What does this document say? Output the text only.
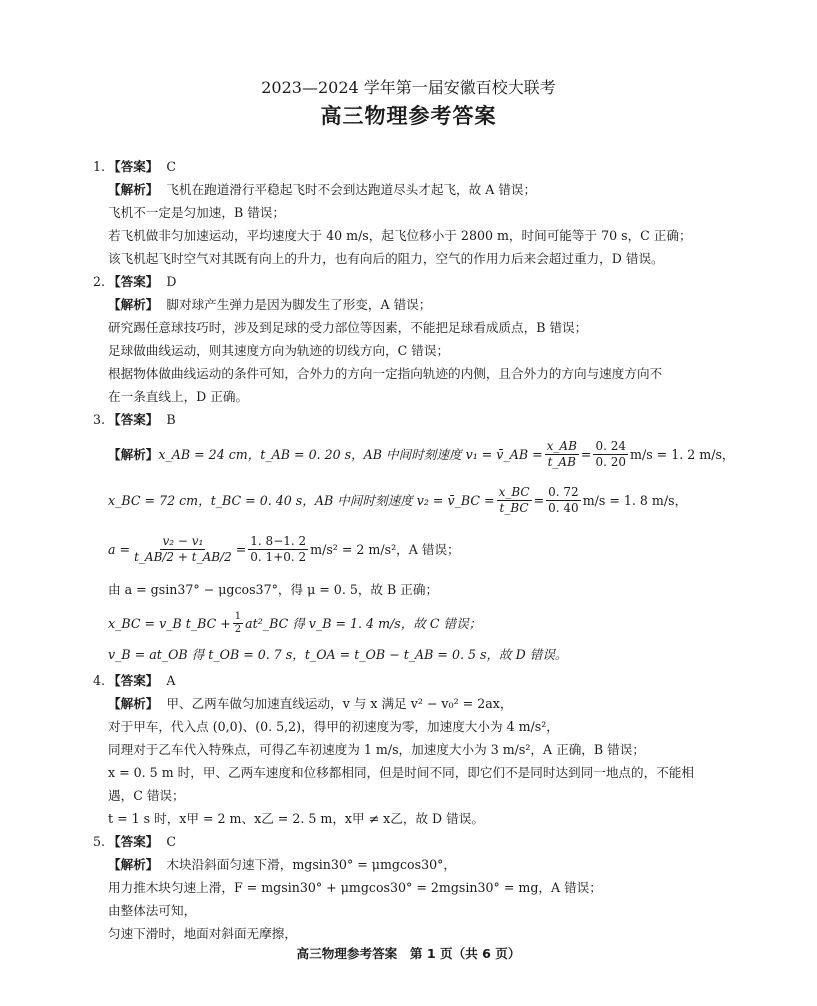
2023—2024 学年第一届安徽百校大联考
高三物理参考答案
1. 【答案】 C
【解析】 飞机在跑道滑行平稳起飞时不会到达跑道尽头才起飞，故 A 错误；
飞机不一定是匀加速，B 错误；
若飞机做非匀加速运动，平均速度大于 40 m/s，起飞位移小于 2800 m，时间可能等于 70 s，C 正确；
该飞机起飞时空气对其既有向上的升力，也有向后的阻力，空气的作用力后来会超过重力，D 错误。
2. 【答案】 D
【解析】 脚对球产生弹力是因为脚发生了形变，A 错误；
研究踢任意球技巧时，涉及到足球的受力部位等因素，不能把足球看成质点，B 错误；
足球做曲线运动，则其速度方向为轨迹的切线方向，C 错误；
根据物体做曲线运动的条件可知，合外力的方向一定指向轨迹的内侧，且合外力的方向与速度方向不
在一条直线上，D 正确。
3. 【答案】 B
【解析】 x_AB = 24 cm，t_AB = 0. 20 s，AB 中间时刻速度 v₁ = v̄_AB = $\frac{x\_AB}{t\_AB} = \frac{0. 24}{0. 20} m/s = 1$. 2 m/s，
x_BC = 72 cm，t_BC = 0. 40 s，AB 中间时刻速度 v₂ = v̄_BC = $\frac{x\_BC}{t\_BC} = \frac{0. 72}{0. 40} m/s = 1$. 8 m/s，
$a = \frac{\text{v₂ − v₁}}{t\_AB/2 + t\_AB/2} = \frac{1. 8-1. 2}{0. 1+0. 2} m/s^2 = 2$ m/s²，A 错误；
由 a = gsin37° − μgcos37°，得 μ = 0. 5，故 B 正确；
x_BC = v_B t_BC + $\frac{1}{2}$ at²_BC 得 v_B = 1. 4 m/s，故 C 错误；
v_B = at_OB 得 t_OB = 0. 7 s，t_OA = t_OB − t_AB = 0. 5 s，故 D 错误。
4. 【答案】 A
【解析】 甲、乙两车做匀加速直线运动，v 与 x 满足 v² − v₀² = 2ax，
对于甲车，代入点 (0,0)、(0. 5,2)，得甲的初速度为零，加速度大小为 4 m/s²，
同理对于乙车代入特殊点，可得乙车初速度为 1 m/s，加速度大小为 3 m/s²，A 正确，B 错误；
x = 0. 5 m 时，甲、乙两车速度和位移都相同，但是时间不同，即它们不是同时达到同一地点的，不能相
遇，C 错误；
t = 1 s 时，x甲 = 2 m、x乙 = 2. 5 m，x甲 ≠ x乙，故 D 错误。
5. 【答案】 C
【解析】 木块沿斜面匀速下滑，mgsin30° = μmgcos30°，
用力推木块匀速上滑，F = mgsin30° + μmgcos30° = 2mgsin30° = mg，A 错误；
由整体法可知，
匀速下滑时，地面对斜面无摩擦，
高三物理参考答案　第 1 页（共 6 页）
